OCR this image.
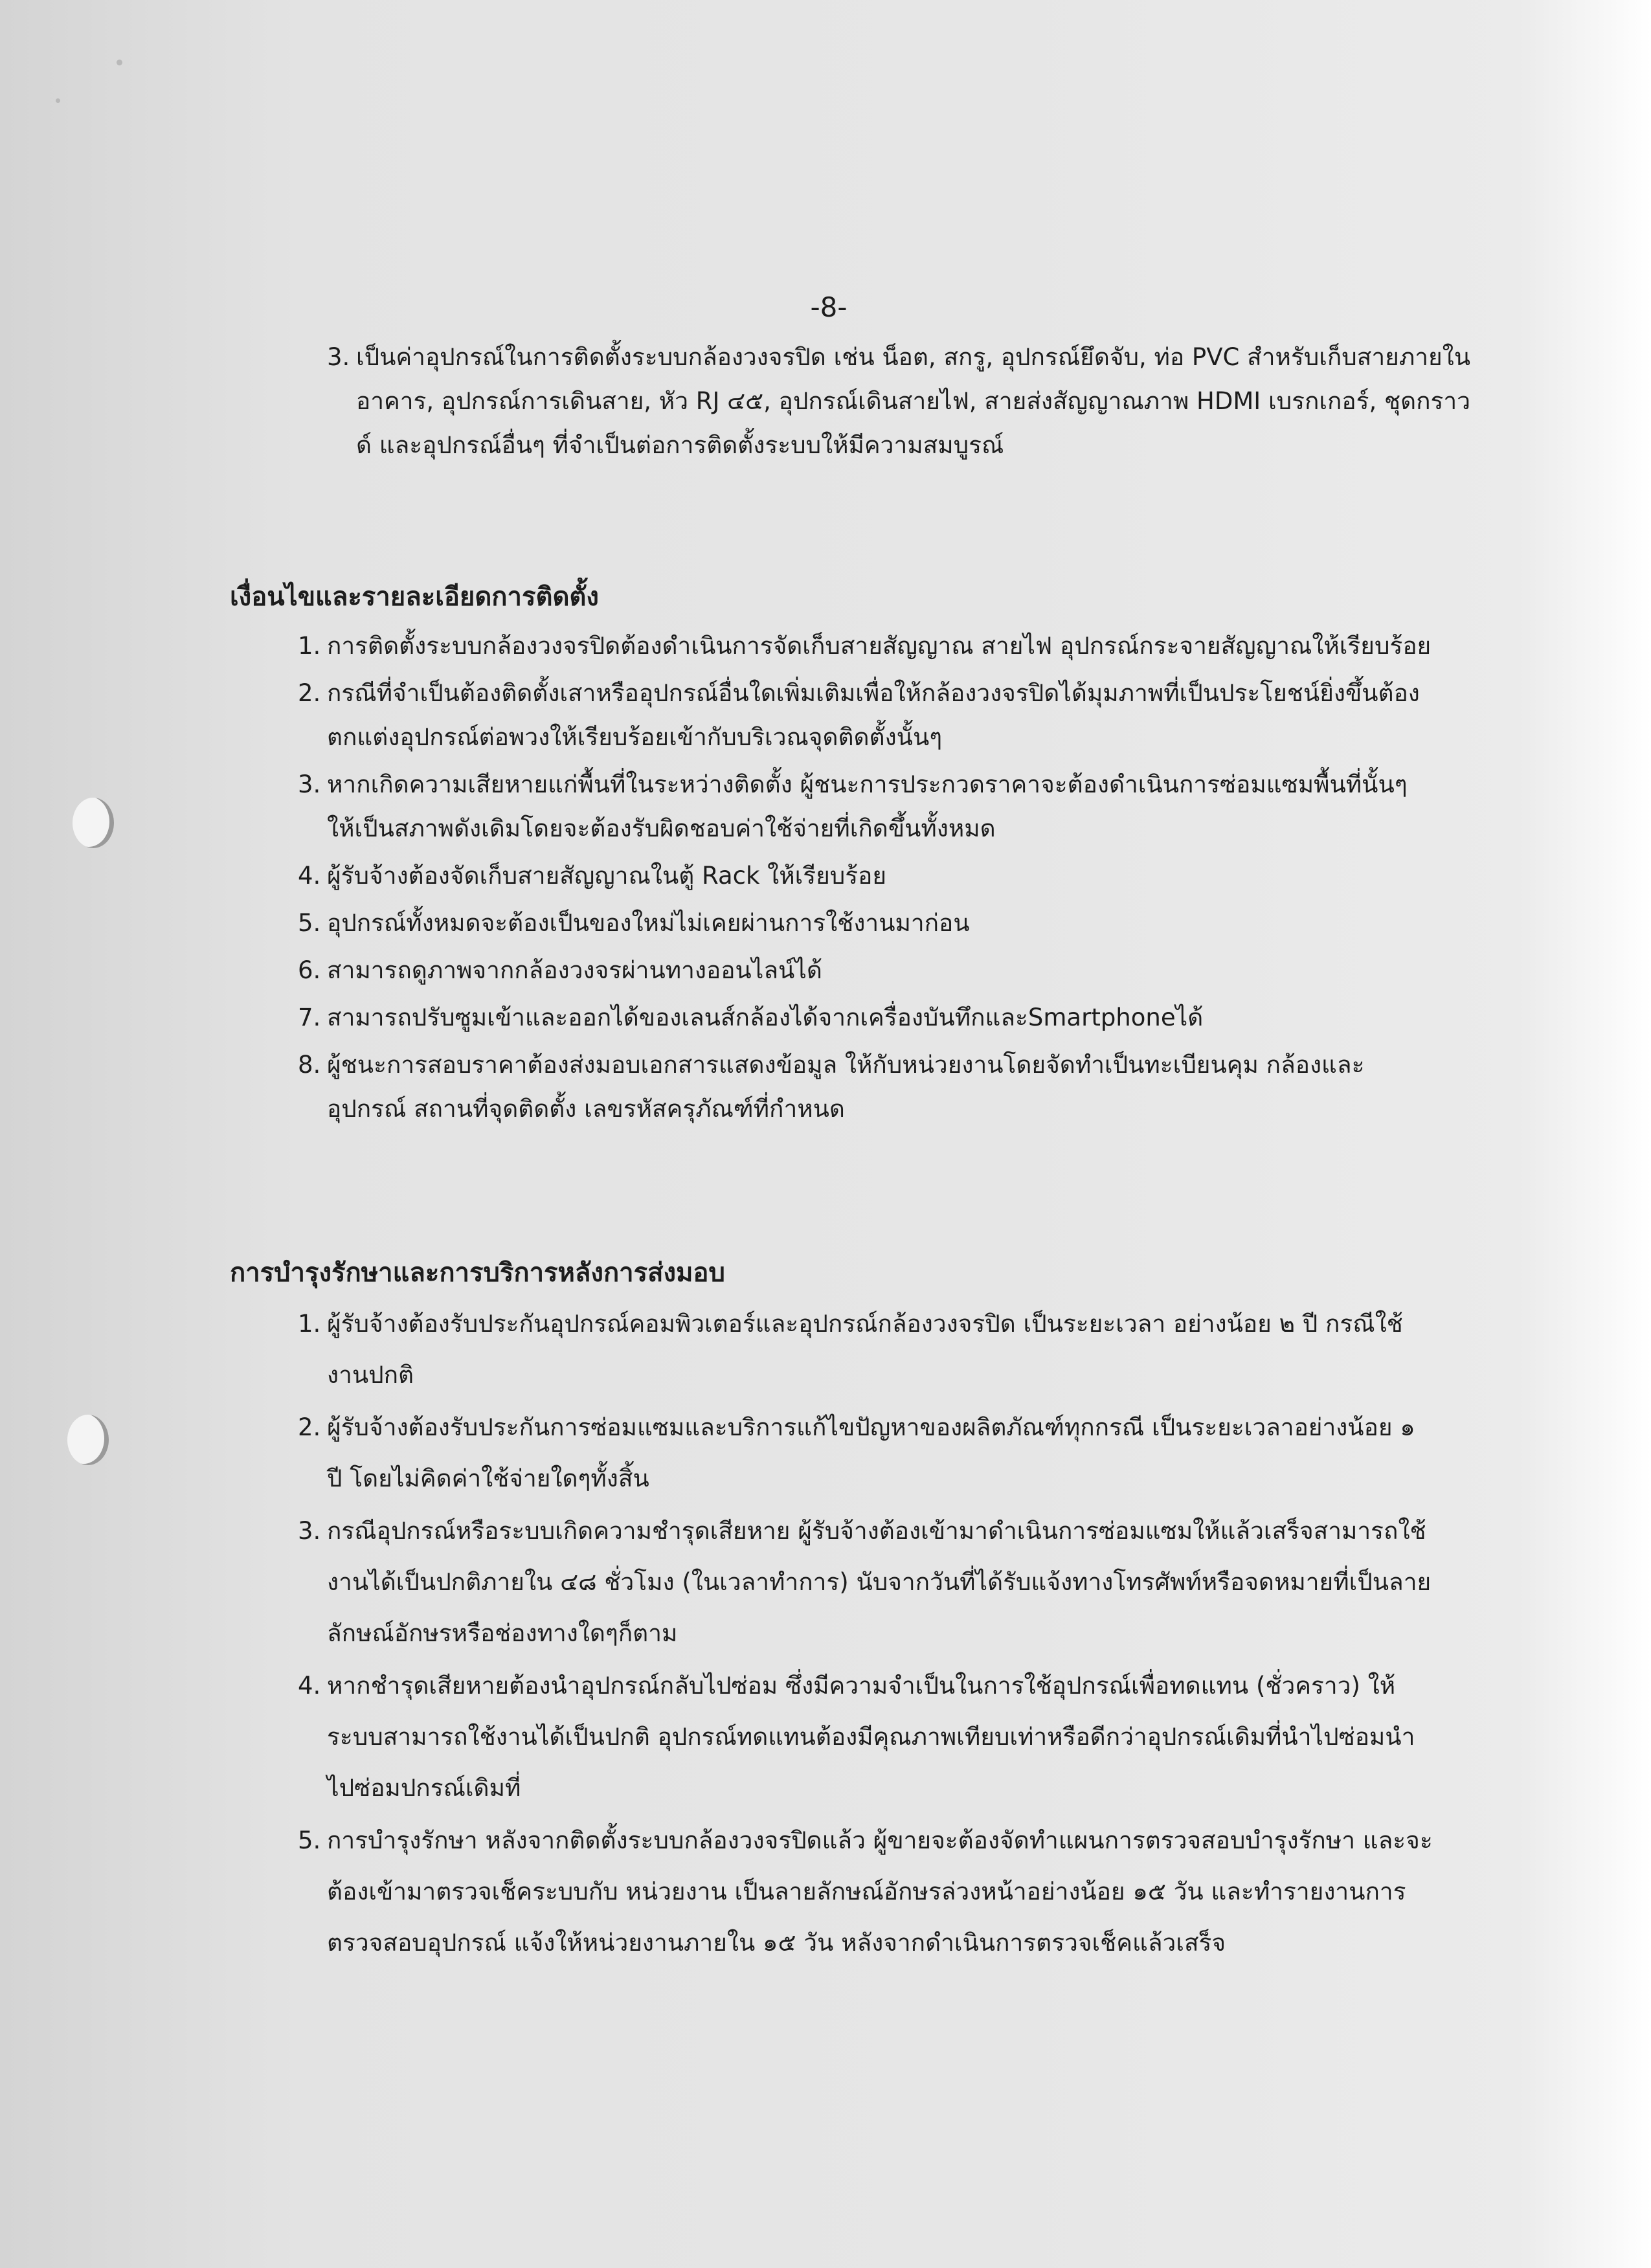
-8-
3. เป็นค่าอุปกรณ์ในการติดตั้งระบบกล้องวงจรปิด เช่น น็อต, สกรู, อุปกรณ์ยึดจับ, ท่อ PVC สำหรับเก็บสายภายในอาคาร, อุปกรณ์การเดินสาย, หัว RJ ๔๕, อุปกรณ์เดินสายไฟ, สายส่งสัญญาณภาพ HDMI เบรกเกอร์, ชุดกราวด์ และอุปกรณ์อื่นๆ ที่จำเป็นต่อการติดตั้งระบบให้มีความสมบูรณ์
เงื่อนไขและรายละเอียดการติดตั้ง
1. การติดตั้งระบบกล้องวงจรปิดต้องดำเนินการจัดเก็บสายสัญญาณ สายไฟ อุปกรณ์กระจายสัญญาณให้เรียบร้อย
2. กรณีที่จำเป็นต้องติดตั้งเสาหรืออุปกรณ์อื่นใดเพิ่มเติมเพื่อให้กล้องวงจรปิดได้มุมภาพที่เป็นประโยชน์ยิ่งขึ้นต้องตกแต่งอุปกรณ์ต่อพวงให้เรียบร้อยเข้ากับบริเวณจุดติดตั้งนั้นๆ
3. หากเกิดความเสียหายแก่พื้นที่ในระหว่างติดตั้ง ผู้ชนะการประกวดราคาจะต้องดำเนินการซ่อมแซมพื้นที่นั้นๆ ให้เป็นสภาพดังเดิมโดยจะต้องรับผิดชอบค่าใช้จ่ายที่เกิดขึ้นทั้งหมด
4. ผู้รับจ้างต้องจัดเก็บสายสัญญาณในตู้ Rack ให้เรียบร้อย
5. อุปกรณ์ทั้งหมดจะต้องเป็นของใหม่ไม่เคยผ่านการใช้งานมาก่อน
6. สามารถดูภาพจากกล้องวงจรผ่านทางออนไลน์ได้
7. สามารถปรับซูมเข้าและออกได้ของเลนส์กล้องได้จากเครื่องบันทึกและSmartphoneได้
8. ผู้ชนะการสอบราคาต้องส่งมอบเอกสารแสดงข้อมูล ให้กับหน่วยงานโดยจัดทำเป็นทะเบียนคุม กล้องและอุปกรณ์ สถานที่จุดติดตั้ง เลขรหัสครุภัณฑ์ที่กำหนด
การบำรุงรักษาและการบริการหลังการส่งมอบ
1. ผู้รับจ้างต้องรับประกันอุปกรณ์คอมพิวเตอร์และอุปกรณ์กล้องวงจรปิด เป็นระยะเวลา อย่างน้อย ๒ ปี กรณีใช้งานปกติ
2. ผู้รับจ้างต้องรับประกันการซ่อมแซมและบริการแก้ไขปัญหาของผลิตภัณฑ์ทุกกรณี เป็นระยะเวลาอย่างน้อย ๑ ปี โดยไม่คิดค่าใช้จ่ายใดๆทั้งสิ้น
3. กรณีอุปกรณ์หรือระบบเกิดความชำรุดเสียหาย ผู้รับจ้างต้องเข้ามาดำเนินการซ่อมแซมให้แล้วเสร็จสามารถใช้งานได้เป็นปกติภายใน ๔๘ ชั่วโมง (ในเวลาทำการ) นับจากวันที่ได้รับแจ้งทางโทรศัพท์หรือจดหมายที่เป็นลายลักษณ์อักษรหรือช่องทางใดๆก็ตาม
4. หากชำรุดเสียหายต้องนำอุปกรณ์กลับไปซ่อม ซึ่งมีความจำเป็นในการใช้อุปกรณ์เพื่อทดแทน (ชั่วคราว) ให้ระบบสามารถใช้งานได้เป็นปกติ อุปกรณ์ทดแทนต้องมีคุณภาพเทียบเท่าหรือดีกว่าอุปกรณ์เดิมที่นำไปซ่อมนำไปซ่อมปกรณ์เดิมที่
5. การบำรุงรักษา หลังจากติดตั้งระบบกล้องวงจรปิดแล้ว ผู้ขายจะต้องจัดทำแผนการตรวจสอบบำรุงรักษา และจะต้องเข้ามาตรวจเช็คระบบกับ หน่วยงาน เป็นลายลักษณ์อักษรล่วงหน้าอย่างน้อย ๑๕ วัน และทำรายงานการตรวจสอบอุปกรณ์ แจ้งให้หน่วยงานภายใน ๑๕ วัน หลังจากดำเนินการตรวจเช็คแล้วเสร็จ
